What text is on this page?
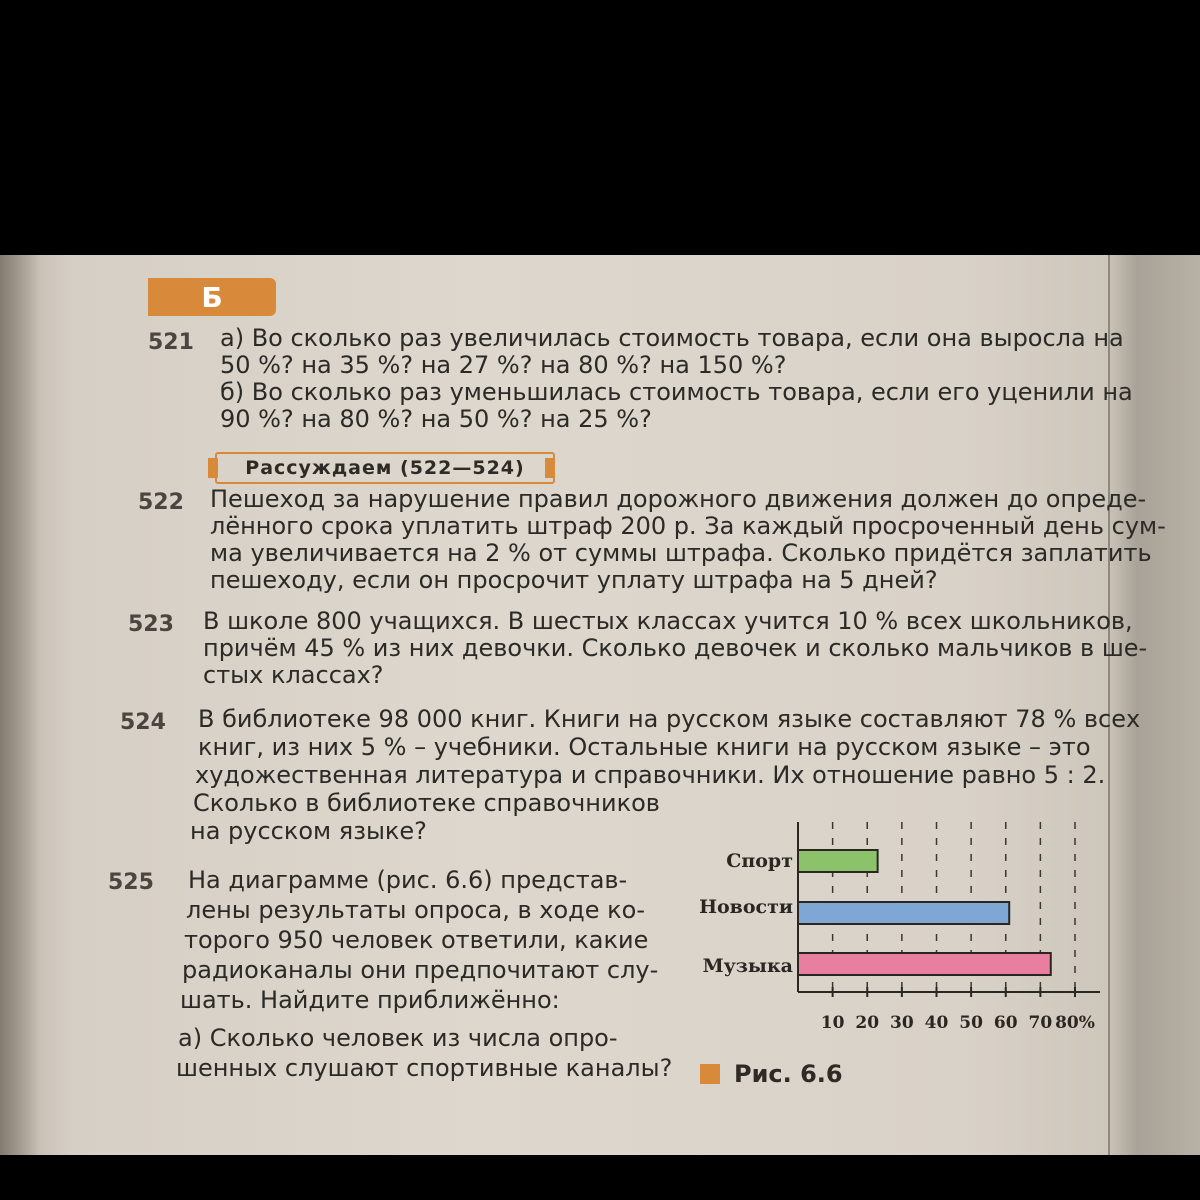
Б
Рассуждаем (522—524)
521 а) Во сколько раз увеличилась стоимость товара, если она выросла на
50 %? на 35 %? на 27 %? на 80 %? на 150 %?
б) Во сколько раз уменьшилась стоимость товара, если его уценили на
90 %? на 80 %? на 50 %? на 25 %?
522 Пешеход за нарушение правил дорожного движения должен до опреде-
лённого срока уплатить штраф 200 р. За каждый просроченный день сум-
ма увеличивается на 2 % от суммы штрафа. Сколько придётся заплатить
пешеходу, если он просрочит уплату штрафа на 5 дней?
523 В школе 800 учащихся. В шестых классах учится 10 % всех школьников,
причём 45 % из них девочки. Сколько девочек и сколько мальчиков в ше-
стых классах?
524 В библиотеке 98 000 книг. Книги на русском языке составляют 78 % всех
книг, из них 5 % – учебники. Остальные книги на русском языке – это
художественная литература и справочники. Их отношение равно 5 : 2.
Сколько в библиотеке справочников
на русском языке?
525 На диаграмме (рис. 6.6) представ-
лены результаты опроса, в ходе ко-
торого 950 человек ответили, какие
радиоканалы они предпочитают слу-
шать. Найдите приближённо:
а) Сколько человек из числа опро-
шенных слушают спортивные каналы?
Спорт
Новости
Музыка
10 20 30 40 50 60 70 80%
Рис. 6.6
